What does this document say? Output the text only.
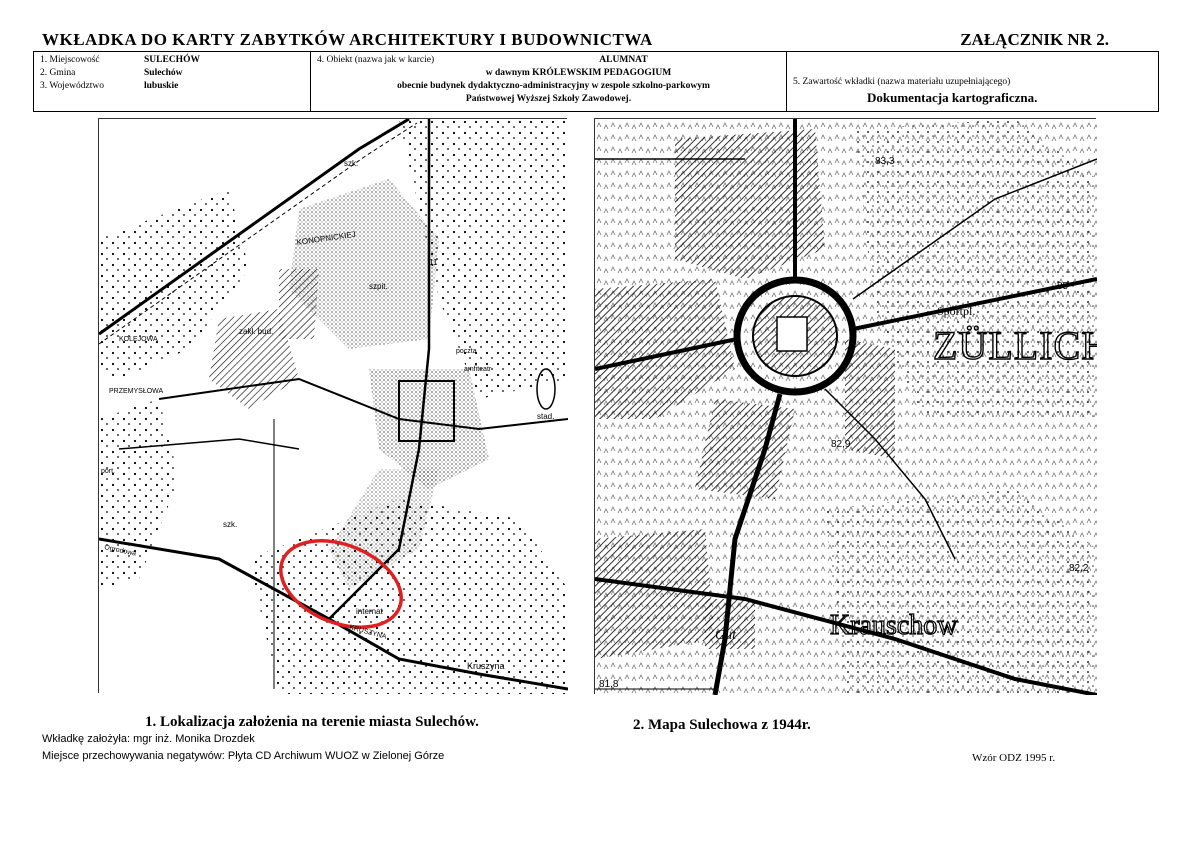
WKŁADKA DO KARTY ZABYTKÓW ARCHITEKTURY I BUDOWNICTWA	ZAŁĄCZNIK NR 2.
1. Miejscowość	SULECHÓW
2. Gmina	Sulechów
3. Województwo	lubuskie
4. Obiekt (nazwa jak w karcie)	ALUMNAT
w dawnym KRÓLEWSKIM PEDAGOGIUM
obecnie budynek dydaktyczno-administracyjny w zespole szkolno-parkowym
Państwowej Wyższej Szkoły Zawodowej.
5. Zawartość wkładki (nazwa materiału uzupełniającego)
Dokumentacja kartograficzna.
KONOPNICKIEJ
szk.
szpit.
zakł. bud.
KOLEJOWA
PRZEMYSŁOWA
amfiteatr
poczta
stad.
szk.
internat
KRUSZYNA
Kruszyna
port.
Ogrodowa
11
Sportpl.
ZÜLLICH
Krauschow
Gut
82,9
82,2
85
83,3
81,8
1. Lokalizacja założenia na terenie miasta Sulechów.	2. Mapa Sulechowa z 1944r.
Wkładkę założyła: mgr inż. Monika Drozdek
Miejsce przechowywania negatywów: Płyta CD Archiwum WUOZ w Zielonej Górze	Wzór ODZ 1995 r.
